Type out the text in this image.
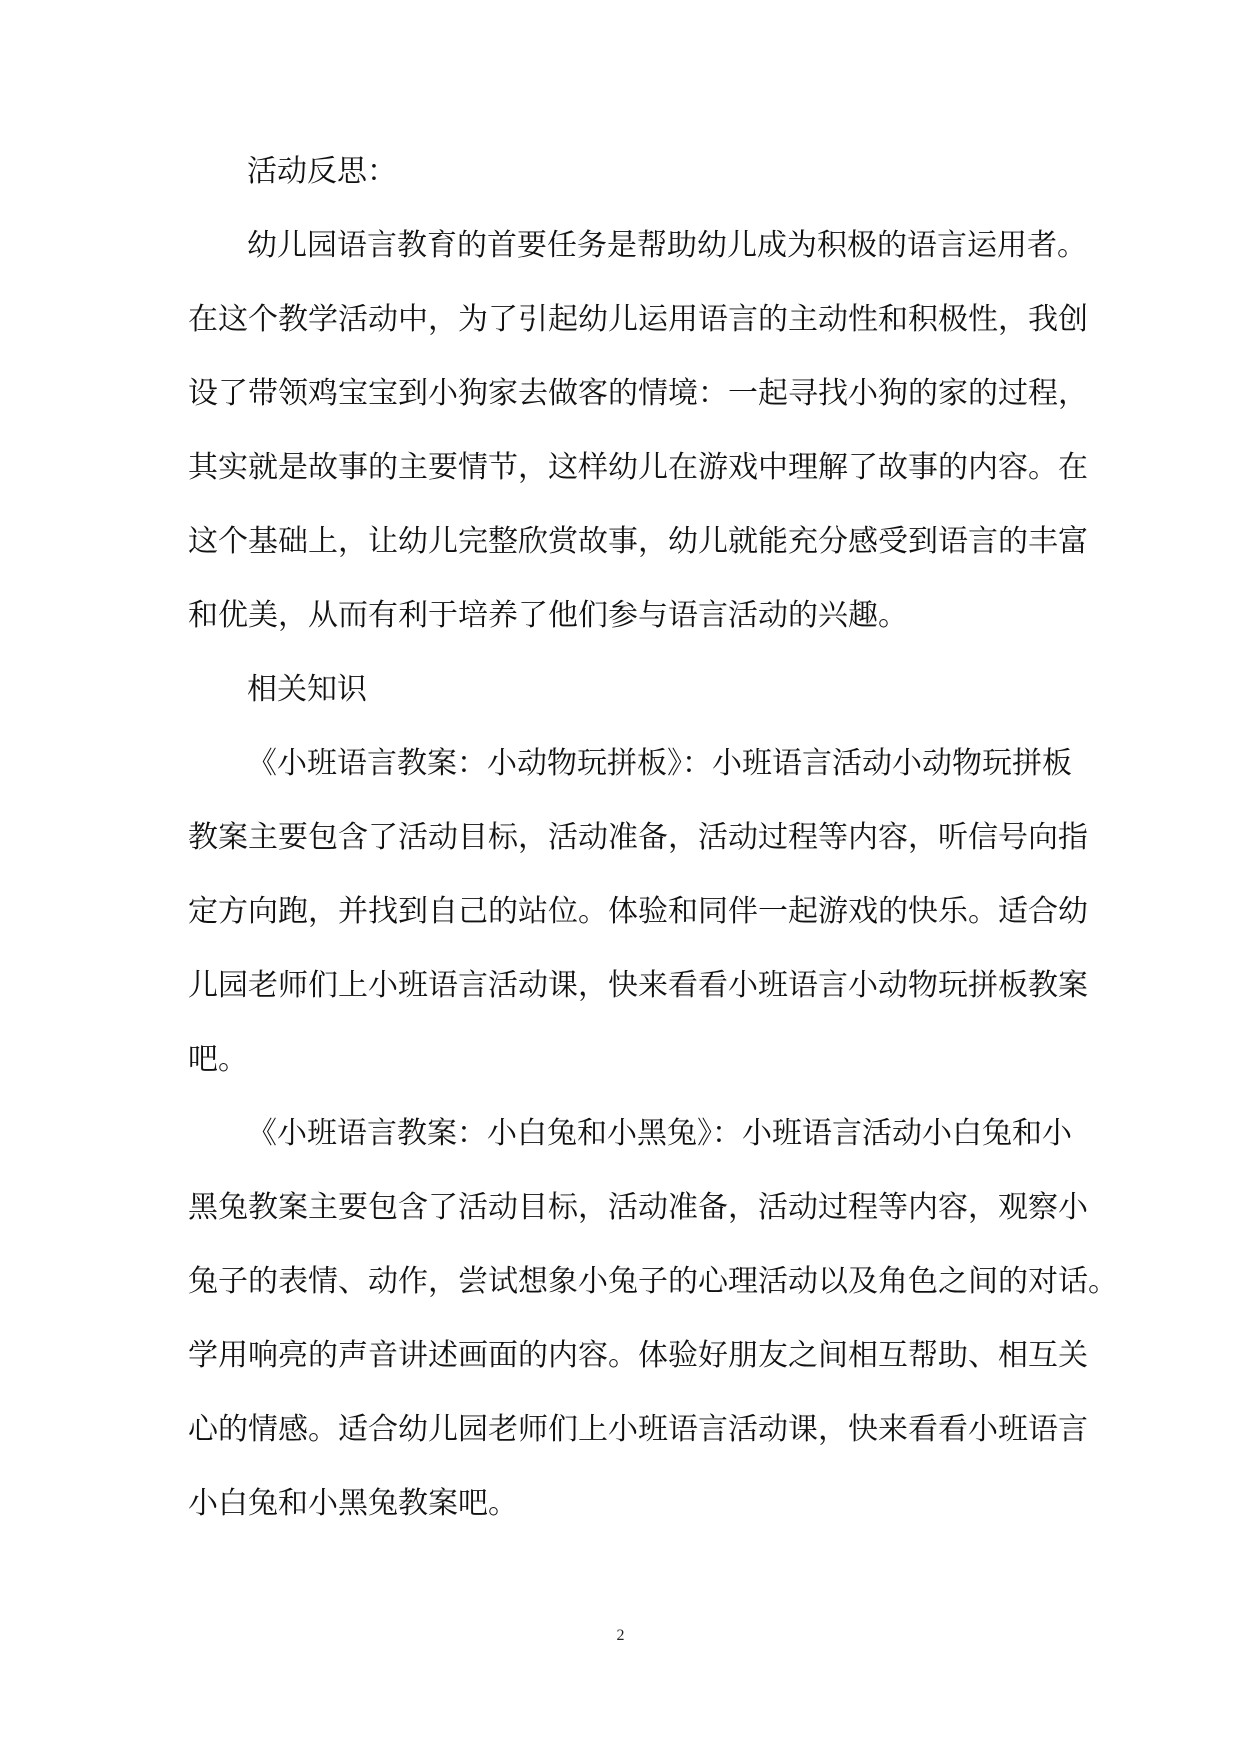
活动反思：

幼儿园语言教育的首要任务是帮助幼儿成为积极的语言运用者。

在这个教学活动中，为了引起幼儿运用语言的主动性和积极性，我创

设了带领鸡宝宝到小狗家去做客的情境：一起寻找小狗的家的过程，

其实就是故事的主要情节，这样幼儿在游戏中理解了故事的内容。在

这个基础上，让幼儿完整欣赏故事，幼儿就能充分感受到语言的丰富

和优美，从而有利于培养了他们参与语言活动的兴趣。

相关知识

《小班语言教案：小动物玩拼板》：小班语言活动小动物玩拼板

教案主要包含了活动目标，活动准备，活动过程等内容，听信号向指

定方向跑，并找到自己的站位。体验和同伴一起游戏的快乐。适合幼

儿园老师们上小班语言活动课，快来看看小班语言小动物玩拼板教案

吧。

《小班语言教案：小白兔和小黑兔》：小班语言活动小白兔和小

黑兔教案主要包含了活动目标，活动准备，活动过程等内容，观察小

兔子的表情、动作，尝试想象小兔子的心理活动以及角色之间的对话。

学用响亮的声音讲述画面的内容。体验好朋友之间相互帮助、相互关

心的情感。适合幼儿园老师们上小班语言活动课，快来看看小班语言

小白兔和小黑兔教案吧。

2
